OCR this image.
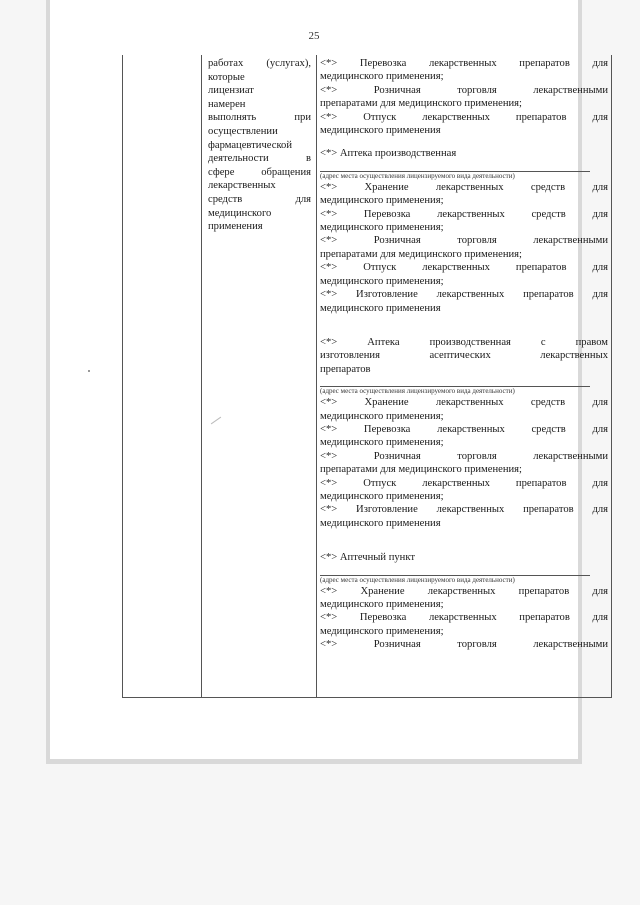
25
работах (услугах),
которые
лицензиат
намерен
выполнять при
осуществлении
фармацевтической
деятельности в
сфере обращения
лекарственных
средств для
медицинского
применения
<*> Перевозка лекарственных препаратов для
медицинского применения;
<*> Розничная торговля лекарственными
препаратами для медицинского применения;
<*> Отпуск лекарственных препаратов для
медицинского применения
<*> Аптека производственная
(адрес места осуществления лицензируемого вида деятельности)
<*> Хранение лекарственных средств для
медицинского применения;
<*> Перевозка лекарственных средств для
медицинского применения;
<*> Розничная торговля лекарственными
препаратами для медицинского применения;
<*> Отпуск лекарственных препаратов для
медицинского применения;
<*> Изготовление лекарственных препаратов для
медицинского применения
<*> Аптека производственная с правом
изготовления асептических лекарственных
препаратов
(адрес места осуществления лицензируемого вида деятельности)
<*> Хранение лекарственных средств для
медицинского применения;
<*> Перевозка лекарственных средств для
медицинского применения;
<*> Розничная торговля лекарственными
препаратами для медицинского применения;
<*> Отпуск лекарственных препаратов для
медицинского применения;
<*> Изготовление лекарственных препаратов для
медицинского применения
<*> Аптечный пункт
(адрес места осуществления лицензируемого вида деятельности)
<*> Хранение лекарственных препаратов для
медицинского применения;
<*> Перевозка лекарственных препаратов для
медицинского применения;
<*> Розничная торговля лекарственными
